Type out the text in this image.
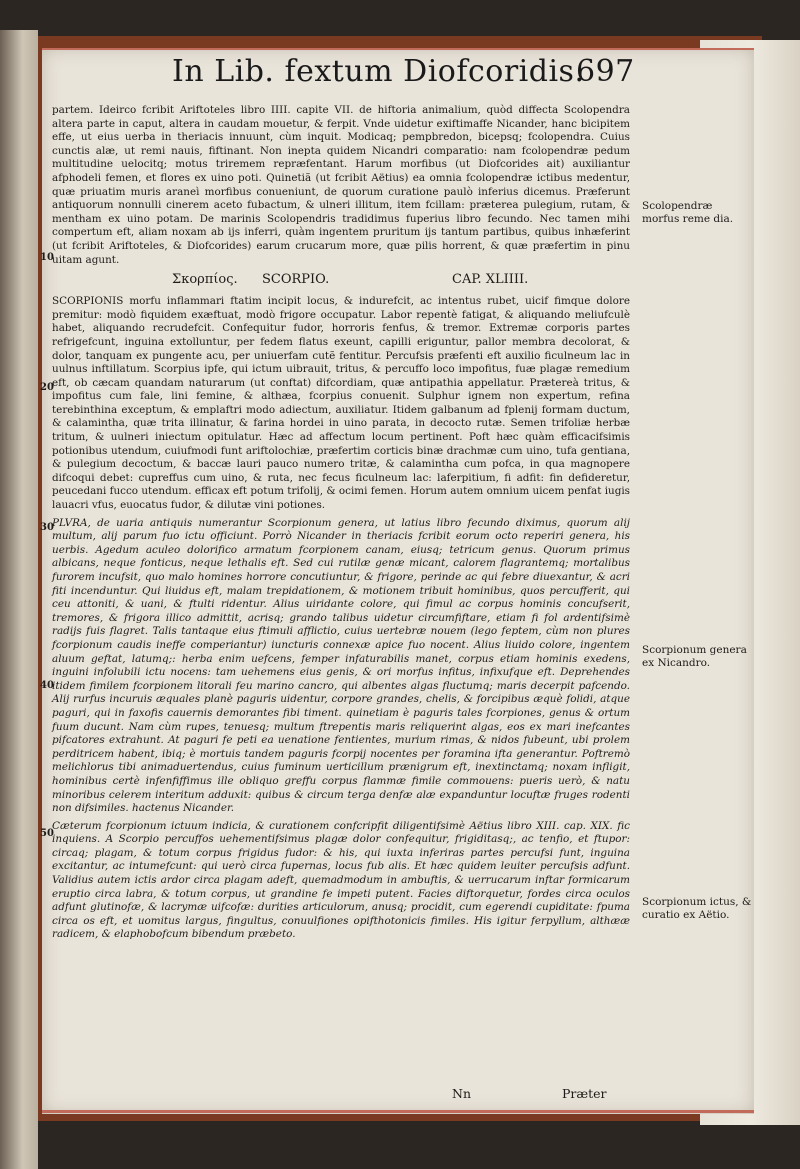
In Lib. fextum Diofcoridis.
697
10
20
30
40
50

partem. Ideirco fcribit Ariftoteles libro IIII. capite VII. de hiftoria animalium, quòd diffecta Scolopendra altera parte in caput, altera in caudam mouetur, & ferpit. Vnde uidetur exiftimaffe Nicander, hanc bicipitem effe, ut eius uerba in theriacis innuunt, cùm inquit. Modicaq; pempbredon, bicepsq; fcolopendra. Cuius cunctis alæ, ut remi nauis, fiftinant. Non inepta quidem Nicandri comparatio: nam fcolopendræ pedum multitudine uelocitq; motus triremem repræfentant. Harum morfibus (ut Diofcorides ait) auxiliantur afphodeli femen, et flores ex uino poti. Quinetiã (ut fcribit Aëtius) ea omnia fcolopendræ ictibus medentur, quæ priuatim muris araneì morfibus conueniunt, de quorum curatione paulò inferius dicemus. Præferunt antiquorum nonnulli cinerem aceto fubactum, & ulneri illitum, item fcillam: præterea pulegium, rutam, & mentham ex uino potam. De marinis Scolopendris tradidimus fuperius libro fecundo. Nec tamen mihi compertum eft, aliam noxam ab ijs inferri, quàm ingentem pruritum ijs tantum partibus, quibus inhæferint (ut fcribit Ariftoteles, & Diofcorides) earum crucarum more, quæ pilis horrent, & quæ præfertim in pinu uitam agunt.

Σκορπίος. SCORPIO.	CAP. XLIIII.

SCORPIONIS morfu inflammari ftatim incipit locus, & indurefcit, ac intentus rubet, uicif fimque dolore premitur: modò fiquidem exæftuat, modò frigore occupatur. Labor repentè fatigat, & aliquando meliufculè habet, aliquando recrudefcit. Confequitur fudor, horroris fenfus, & tremor. Extremæ corporis partes refrigefcunt, inguina extolluntur, per fedem flatus exeunt, capilli eriguntur, pallor membra decolorat, & dolor, tanquam ex pungente acu, per uniuerfam cutẽ fentitur. Percufsis præfenti eft auxilio ficulneum lac in uulnus inftillatum. Scorpius ipfe, qui ictum uibrauit, tritus, & percuffo loco impofitus, fuæ plagæ remedium eft, ob cæcam quandam naturarum (ut conftat) difcordiam, quæ antipathia appellatur. Prætereà tritus, & impofitus cum fale, lini femine, & althæa, fcorpius conuenit. Sulphur ignem non expertum, refina terebinthina exceptum, & emplaftri modo adiectum, auxiliatur. Itidem galbanum ad fplenij formam ductum, & calamintha, quæ trita illinatur, & farina hordei in uino parata, in decocto rutæ. Semen trifoliæ herbæ tritum, & uulneri iniectum opitulatur. Hæc ad affectum locum pertinent. Poft hæc quàm efficacifsimis potionibus utendum, cuiufmodi funt ariftolochiæ, præfertim corticis binæ drachmæ cum uino, tufa gentiana, & pulegium decoctum, & baccæ lauri pauco numero tritæ, & calamintha cum pofca, in qua magnopere difcoqui debet: cupreffus cum uino, & ruta, nec fecus ficulneum lac: laferpitium, fi adfit: fin defideretur, peucedani fucco utendum. efficax eft potum trifolij, & ocimi femen. Horum autem omnium uicem penfat iugis lauacri vfus, euocatus fudor, & dilutæ vini potiones.

PLVRA, de uaria antiquis numerantur Scorpionum genera, ut latius libro fecundo diximus, quorum alij multum, alij parum fuo ictu officiunt. Porrò Nicander in theriacis fcribit eorum octo reperiri genera, his uerbis. Agedum aculeo dolorifico armatum fcorpionem canam, eiusq; tetricum genus. Quorum primus albicans, neque fonticus, neque lethalis eft. Sed cui rutilæ genæ micant, calorem flagrantemq; mortalibus furorem incufsit, quo malo homines horrore concutiuntur, & frigore, perinde ac qui febre diuexantur, & acri fiti incenduntur. Qui liuidus eft, malam trepidationem, & motionem tribuit hominibus, quos percufferit, qui ceu attoniti, & uani, & ftulti ridentur. Alius uiridante colore, qui fimul ac corpus hominis concufserit, tremores, & frigora illico admittit, acrisq; grando talibus uidetur circumfiftare, etiam fi fol ardentifsimè radijs fuis flagret. Talis tantaque eius ftimuli afflictio, cuius uertebræ nouem (lego feptem, cùm non plures fcorpionum caudis ineffe comperiantur) iuncturis connexæ apice fuo nocent. Alius liuido colore, ingentem aluum geftat, latumq;: herba enim uefcens, femper infaturabilis manet, corpus etiam hominis exedens, inguini infolubili ictu nocens: tam uehemens eius genis, & ori morfus infitus, infixufque eft. Deprehendes itidem fimilem fcorpionem litorali feu marino cancro, qui albentes algas fluctumq; maris decerpit pafcendo. Alij rurfus incuruis æquales planè paguris uidentur, corpore grandes, chelis, & forcipibus æquè folidi, atque paguri, qui in faxofis cauernis demorantes fibi timent. quinetiam è paguris tales fcorpiones, genus & ortum fuum ducunt. Nam cùm rupes, tenuesq; multum ftrepentis maris reliquerint algas, eos ex mari inefcantes pifcatores extrahunt. At paguri fe peti ea uenatione fentientes, murium rimas, & nidos fubeunt, ubi prolem perditricem habent, ibiq; è mortuis tandem paguris fcorpij nocentes per foramina ifta generantur. Poftremò melichlorus tibi animaduertendus, cuius fuminum uerticillum prænigrum eft, inextinctamq; noxam infligit, hominibus certè infenfiffimus ille obliquo greffu corpus flammæ fimile commouens: pueris uerò, & natu minoribus celerem interitum adduxit: quibus & circum terga denfæ alæ expanduntur locuftæ fruges rodenti non difsimiles. hactenus Nicander.

Cæterum fcorpionum ictuum indicia, & curationem confcripfit diligentifsimè Aëtius libro XIII. cap. XIX. fic inquiens. A Scorpio percuffos uehementifsimus plagæ dolor confequitur, frigiditasq;, ac tenfio, et ftupor: circaq; plagam, & totum corpus frigidus fudor: & his, qui iuxta inferiras partes percufsi funt, inguina excitantur, ac intumefcunt: qui uerò circa fupernas, locus fub alis. Et hæc quidem leuiter percufsis adfunt. Validius autem ictis ardor circa plagam adeft, quemadmodum in ambuftis, & uerrucarum inftar formicarum eruptio circa labra, & totum corpus, ut grandine fe impeti putent. Facies diftorquetur, fordes circa oculos adfunt glutinofæ, & lacrymæ uifcofæ: durities articulorum, anusq; procidit, cum egerendi cupiditate: fpuma circa os eft, et uomitus largus, fingultus, conuulfiones opifthotonicis fimiles. His igitur ferpyllum, althææ radicem, & elaphobofcum bibendum præbeto.

Scolopendræ morfus reme dia.
Scorpionum genera ex Nicandro.
Scorpionum ictus, & curatio ex Aëtio.
Nn	Præter
